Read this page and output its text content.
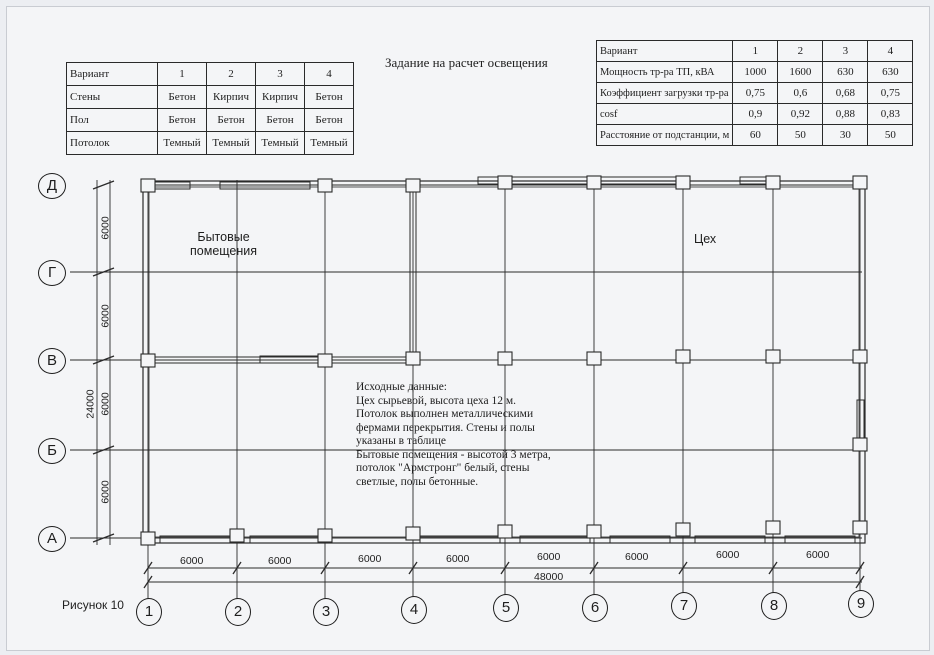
Вариант	1	2	3	4
Стены	Бетон	Кирпич	Кирпич	Бетон
Пол	Бетон	Бетон	Бетон	Бетон
Потолок	Темный	Темный	Темный	Темный
Задание на расчет освещения
Вариант	1	2	3	4
Мощность тр-ра ТП, кВА	1000	1600	630	630
Коэффициент загрузки тр-ра	0,75	0,6	0,68	0,75
cosf	0,9	0,92	0,88	0,83
Расстояние от подстанции, м	60	50	30	50
Бытовые
помещения
Цех
Исходные данные:
Цех сырьевой, высота цеха 12 м.
Потолок выполнен металлическими
фермами перекрытия. Стены и полы
указаны в таблице
Бытовые помещения - высотой 3 метра,
потолок "Армстронг" белый, стены
светлые, полы бетонные.
Д
Г
В
Б
А
1	2	3	4	5	6	7	8	9
6000	6000	6000	6000	6000	6000	6000	6000
48000
6000
6000
6000
6000
24000
Рисунок 10
